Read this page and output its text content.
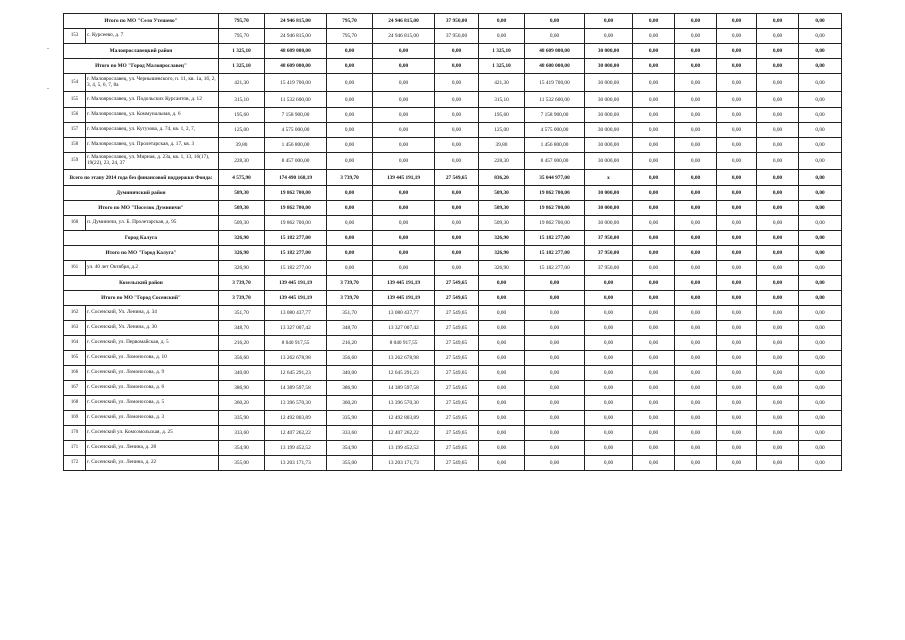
-
-
Итого по МО "Село Утешево"		795,70	24 946 815,00	795,70	24 946 815,00	37 950,00	0,00	0,00	0,00	0,00	0,00	0,00	0,00	0,00
153	с. Курсеево, д. 7	795,70	24 946 815,00	795,70	24 946 815,00	37 950,00	0,00	0,00	0,00	0,00	0,00	0,00	0,00	0,00
Малоярославецкий район		1 325,10	48 609 000,00	0,00	0,00	0,00	1 325,10	48 609 000,00	30 000,00	0,00	0,00	0,00	0,00	0,00
Итого по МО "Город Малоярославец"		1 325,10	48 609 000,00	0,00	0,00	0,00	1 325,10	48 600 000,00	30 000,00	0,00	0,00	0,00	0,00	0,00
154	г. Малоярославец, ул. Чернышевского, п. 11, кв. 1а, 1б, 2, 3, 4, 5, 6, 7, 8а	421,30	15 419 700,00	0,00	0,00	0,00	421,30	15 419 700,00	30 000,00	0,00	0,00	0,00	0,00	0,00
155	г. Малоярославец, ул. Подольских Курсантов, д. 12	315,10	11 532 600,00	0,00	0,00	0,00	315,10	11 532 600,00	30 000,00	0,00	0,00	0,00	0,00	0,00
156	г. Малоярославец, ул. Коммунальная, д. 6	195,60	7 158 900,00	0,00	0,00	0,00	195,60	7 158 900,00	30 000,00	0,00	0,00	0,00	0,00	0,00
157	г. Малоярославец, ул. Кутузова, д. 74, кв. 1, 2, 7,	125,00	4 575 000,00	0,00	0,00	0,00	125,00	4 575 000,00	30 000,00	0,00	0,00	0,00	0,00	0,00
158	г. Малоярославец, ул. Пролетарская, д. 17, кв. 3	39,80	1 456 800,00	0,00	0,00	0,00	39,80	1 456 800,00	30 000,00	0,00	0,00	0,00	0,00	0,00
159	г. Малоярославец, ул. Мирная, д. 23а, кв. 1, 13, 16(17), 19(22), 23, 24, 37	228,30	8 457 000,00	0,00	0,00	0,00	228,30	8 457 000,00	30 000,00	0,00	0,00	0,00	0,00	0,00
Всего по этапу 2014 года без финансовой поддержки Фонда:		4 575,90	174 490 168,19	3 739,70	139 445 191,19	27 549,65	836,20	35 044 977,00	х	0,00	0,00	0,00	0,00	0,00
Думиничский район		509,30	19 862 700,00	0,00	0,00	0,00	509,30	19 862 700,00	30 000,00	0,00	0,00	0,00	0,00	0,00
Итого по МО "Поселок Думиничи"		509,30	19 862 700,00	0,00	0,00	0,00	509,30	19 862 700,00	30 000,00	0,00	0,00	0,00	0,00	0,00
160	п. Думиничи, ул. Б. Пролетарская, д. 95	509,30	19 862 700,00	0,00	0,00	0,00	509,30	19 862 700,00	30 000,00	0,00	0,00	0,00	0,00	0,00
Город Калуга		326,90	15 182 277,00	0,00	0,00	0,00	326,90	15 182 277,00	37 950,00	0,00	0,00	0,00	0,00	0,00
Итого по МО "Город Калуга"		326,90	15 182 277,00	0,00	0,00	0,00	326,90	15 182 277,00	37 950,00	0,00	0,00	0,00	0,00	0,00
161	ул. 40 лет Октября, д.2	326,90	15 182 277,00	0,00	0,00	0,00	326,90	15 182 277,00	37 950,00	0,00	0,00	0,00	0,00	0,00
Козельский район		3 739,70	139 445 191,19	3 739,70	139 445 191,19	27 549,65	0,00	0,00	0,00	0,00	0,00	0,00	0,00	0,00
Итого по МО "Город Сосенский"		3 739,70	139 445 191,19	3 739,70	139 445 191,19	27 549,65	0,00	0,00	0,00	0,00	0,00	0,00	0,00	0,00
162	г. Сосенский, Ул. Ленина, д. 34	351,70	13 080 437,77	351,70	13 080 437,77	27 549,65	0,00	0,00	0,00	0,00	0,00	0,00	0,00	0,00
163	г. Сосенский, Ул. Ленина, д. 30	348,70	13 327 007,42	348,70	13 327 007,42	27 549,65	0,00	0,00	0,00	0,00	0,00	0,00	0,00	0,00
164	г. Сосенский, ул. Первомайская, д. 5	216,20	8 040 917,55	216,20	8 040 917,55	27 549,65	0,00	0,00	0,00	0,00	0,00	0,00	0,00	0,00
165	г. Сосенский, ул. Ломоносова, д. 10	356,60	13 262 678,98	356,60	13 262 678,98	27 549,65	0,00	0,00	0,00	0,00	0,00	0,00	0,00	0,00
166	г. Сосенский, ул. Ломоносова, д. 9	340,00	12 645 291,23	340,00	12 645 291,23	27 549,65	0,00	0,00	0,00	0,00	0,00	0,00	0,00	0,00
167	г. Сосенский, ул. Ломоносова, д. 6	386,90	14 389 597,58	386,90	14 389 597,58	27 549,65	0,00	0,00	0,00	0,00	0,00	0,00	0,00	0,00
168	г. Сосенский, ул. Ломоносова, д. 5	360,20	13 396 570,30	360,20	13 396 570,30	27 549,65	0,00	0,00	0,00	0,00	0,00	0,00	0,00	0,00
169	г. Сосенский, ул. Ломоносова, д. 3	335,90	12 492 803,89	335,90	12 492 803,89	27 549,65	0,00	0,00	0,00	0,00	0,00	0,00	0,00	0,00
170	г. Сосенский ул. Комсомольская, д. 25	333,60	12 407 262,22	333,60	12 407 262,22	27 549,65	0,00	0,00	0,00	0,00	0,00	0,00	0,00	0,00
171	г. Сосенский, ул. Ленина, д. 28	354,90	13 199 452,52	354,90	13 199 452,52	27 549,65	0,00	0,00	0,00	0,00	0,00	0,00	0,00	0,00
172	г. Сосенский, ул. Ленина, д. 22	355,00	13 203 171,73	355,00	13 203 171,73	27 549,65	0,00	0,00	0,00	0,00	0,00	0,00	0,00	0,00
